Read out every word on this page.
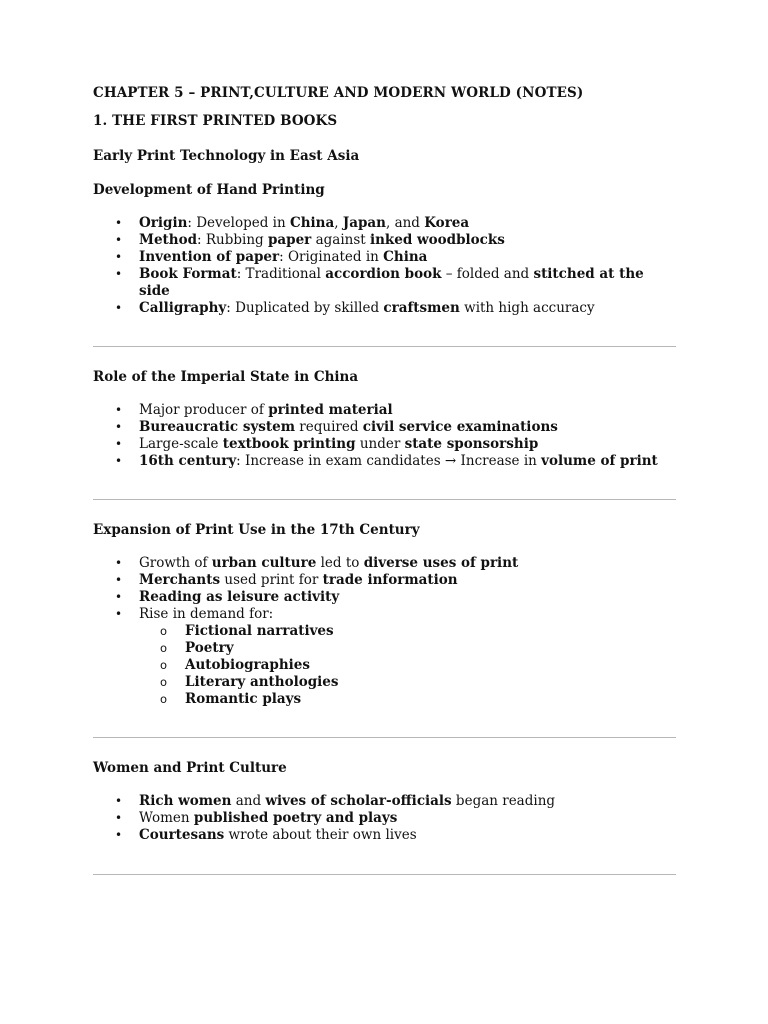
CHAPTER 5 – PRINT,CULTURE AND MODERN WORLD (NOTES)

1. THE FIRST PRINTED BOOKS

Early Print Technology in East Asia

Development of Hand Printing

• Origin: Developed in China, Japan, and Korea
• Method: Rubbing paper against inked woodblocks
• Invention of paper: Originated in China
• Book Format: Traditional accordion book – folded and stitched at the side
• Calligraphy: Duplicated by skilled craftsmen with high accuracy

Role of the Imperial State in China

• Major producer of printed material
• Bureaucratic system required civil service examinations
• Large-scale textbook printing under state sponsorship
• 16th century: Increase in exam candidates → Increase in volume of print

Expansion of Print Use in the 17th Century

• Growth of urban culture led to diverse uses of print
• Merchants used print for trade information
• Reading as leisure activity
• Rise in demand for:
o Fictional narratives
o Poetry
o Autobiographies
o Literary anthologies
o Romantic plays

Women and Print Culture

• Rich women and wives of scholar-officials began reading
• Women published poetry and plays
• Courtesans wrote about their own lives
